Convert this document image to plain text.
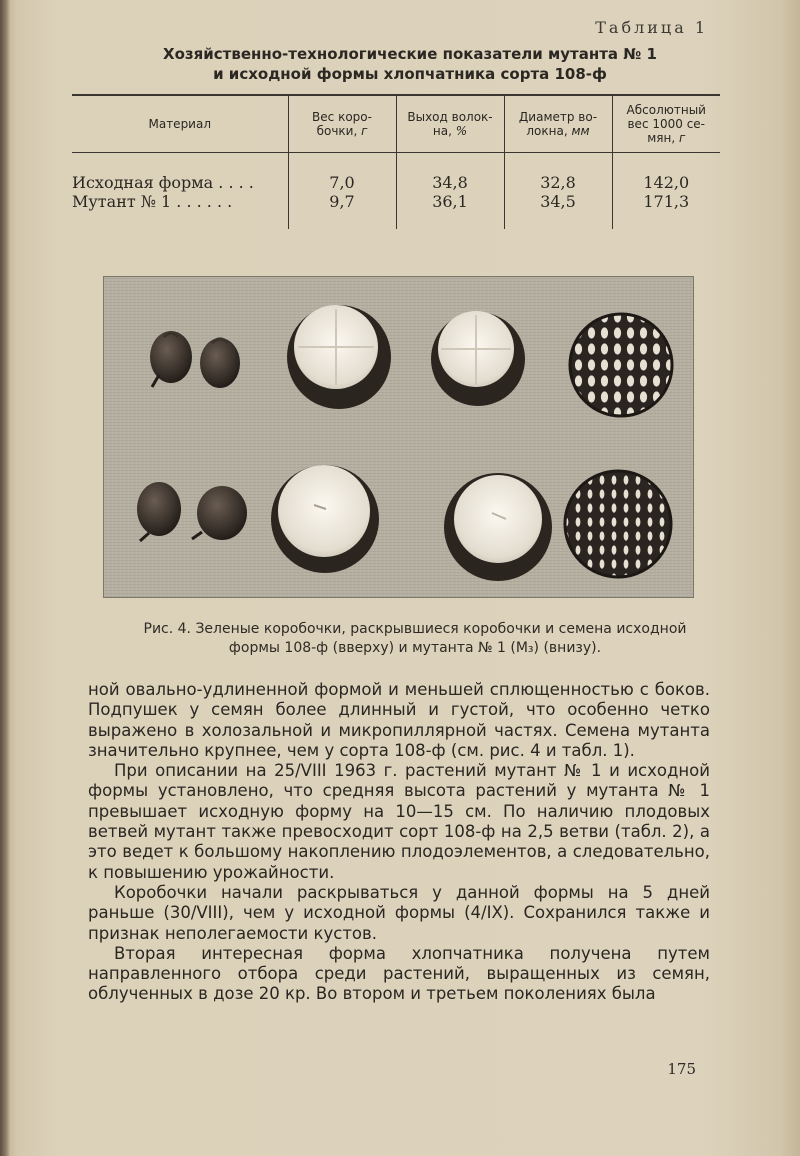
Таблица 1
Хозяйственно-технологические показатели мутанта № 1
и исходной формы хлопчатника сорта 108-ф
Материал	Вес коро-бочки, г	Выход волок-на, %	Диаметр во-локна, мм	Абсолютный вес 1000 се-мян, г
Исходная форма . . . .	7,0	34,8	32,8	142,0
Мутант № 1 . . . . . .	9,7	36,1	34,5	171,3
Рис. 4. Зеленые коробочки, раскрывшиеся коробочки и семена исходной
формы 108-ф (вверху) и мутанта № 1 (М₃) (внизу).

ной овально-удлиненной формой и меньшей сплющенностью с боков. Подпушек у семян более длинный и густой, что особенно четко выражено в холозальной и микропиллярной частях. Семена мутанта значительно крупнее, чем у сорта 108-ф (см. рис. 4 и табл. 1).

При описании на 25/VIII 1963 г. растений мутант № 1 и исходной формы установлено, что средняя высота растений у мутанта № 1 превышает исходную форму на 10—15 см. По наличию плодовых ветвей мутант также превосходит сорт 108-ф на 2,5 ветви (табл. 2), а это ведет к большому накоплению плодоэлементов, а следовательно, к повышению урожайности.

Коробочки начали раскрываться у данной формы на 5 дней раньше (30/VIII), чем у исходной формы (4/IX). Сохранился также и признак неполегаемости кустов.

Вторая интересная форма хлопчатника получена путем направленного отбора среди растений, выращенных из семян, облученных в дозе 20 кр. Во втором и третьем поколениях была

175
